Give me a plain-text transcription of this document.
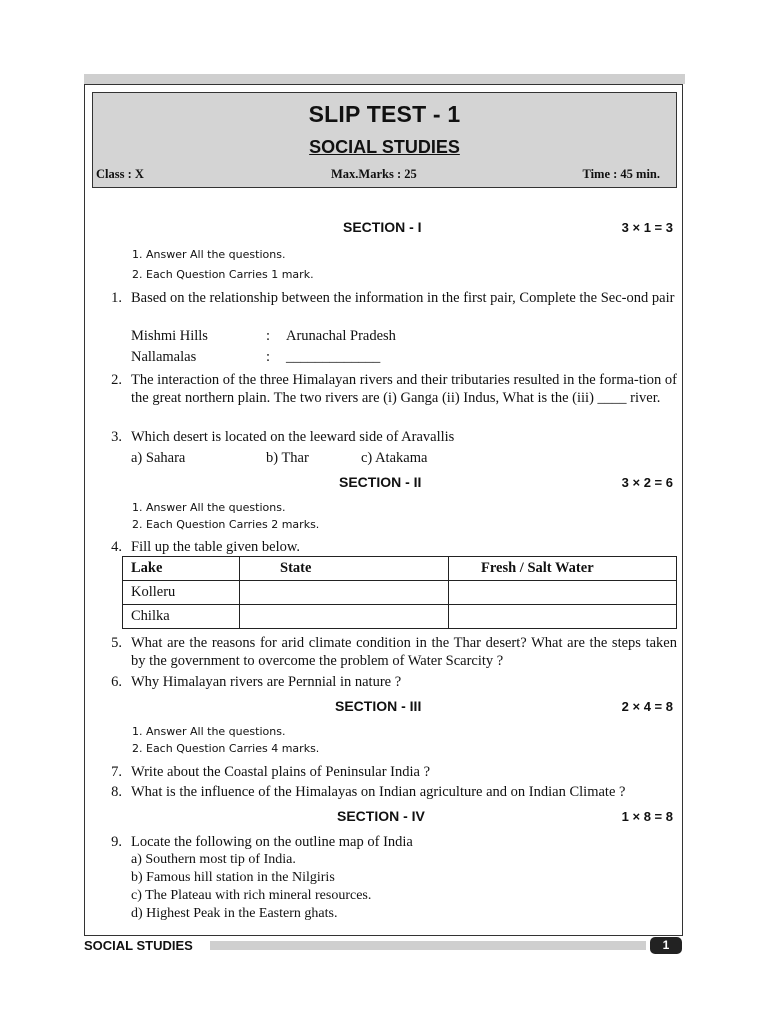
SLIP TEST - 1
SOCIAL STUDIES
Class : X	Max.Marks : 25	Time : 45 min.
SECTION - I	3 × 1 = 3
1. Answer All the questions.
2. Each Question Carries 1 mark.
1. Based on the relationship between the information in the first pair, Complete the Sec-ond pair
Mishmi Hills	: Arunachal Pradesh
Nallamalas	: _____________
2. The interaction of the three Himalayan rivers and their tributaries resulted in the forma-tion of the great northern plain. The two rivers are (i) Ganga (ii) Indus, What is the (iii) ____ river.
3. Which desert is located on the leeward side of Aravallis
a) Sahara	b) Thar	c) Atakama
SECTION - II	3 × 2 = 6
1. Answer All the questions.
2. Each Question Carries 2 marks.
4. Fill up the table given below.
Lake	State	Fresh / Salt Water
Kolleru		
Chilka		
5. What are the reasons for arid climate condition in the Thar desert? What are the steps taken by the government to overcome the problem of Water Scarcity ?
6. Why Himalayan rivers are Pernnial in nature ?
SECTION - III	2 × 4 = 8
1. Answer All the questions.
2. Each Question Carries 4 marks.
7. Write about the Coastal plains of Peninsular India ?
8. What is the influence of the Himalayas on Indian agriculture and on Indian Climate ?
SECTION - IV	1 × 8 = 8
9. Locate the following on the outline map of India
a) Southern most tip of India.
b) Famous hill station in the Nilgiris
c) The Plateau with rich mineral resources.
d) Highest Peak in the Eastern ghats.
SOCIAL STUDIES	1
